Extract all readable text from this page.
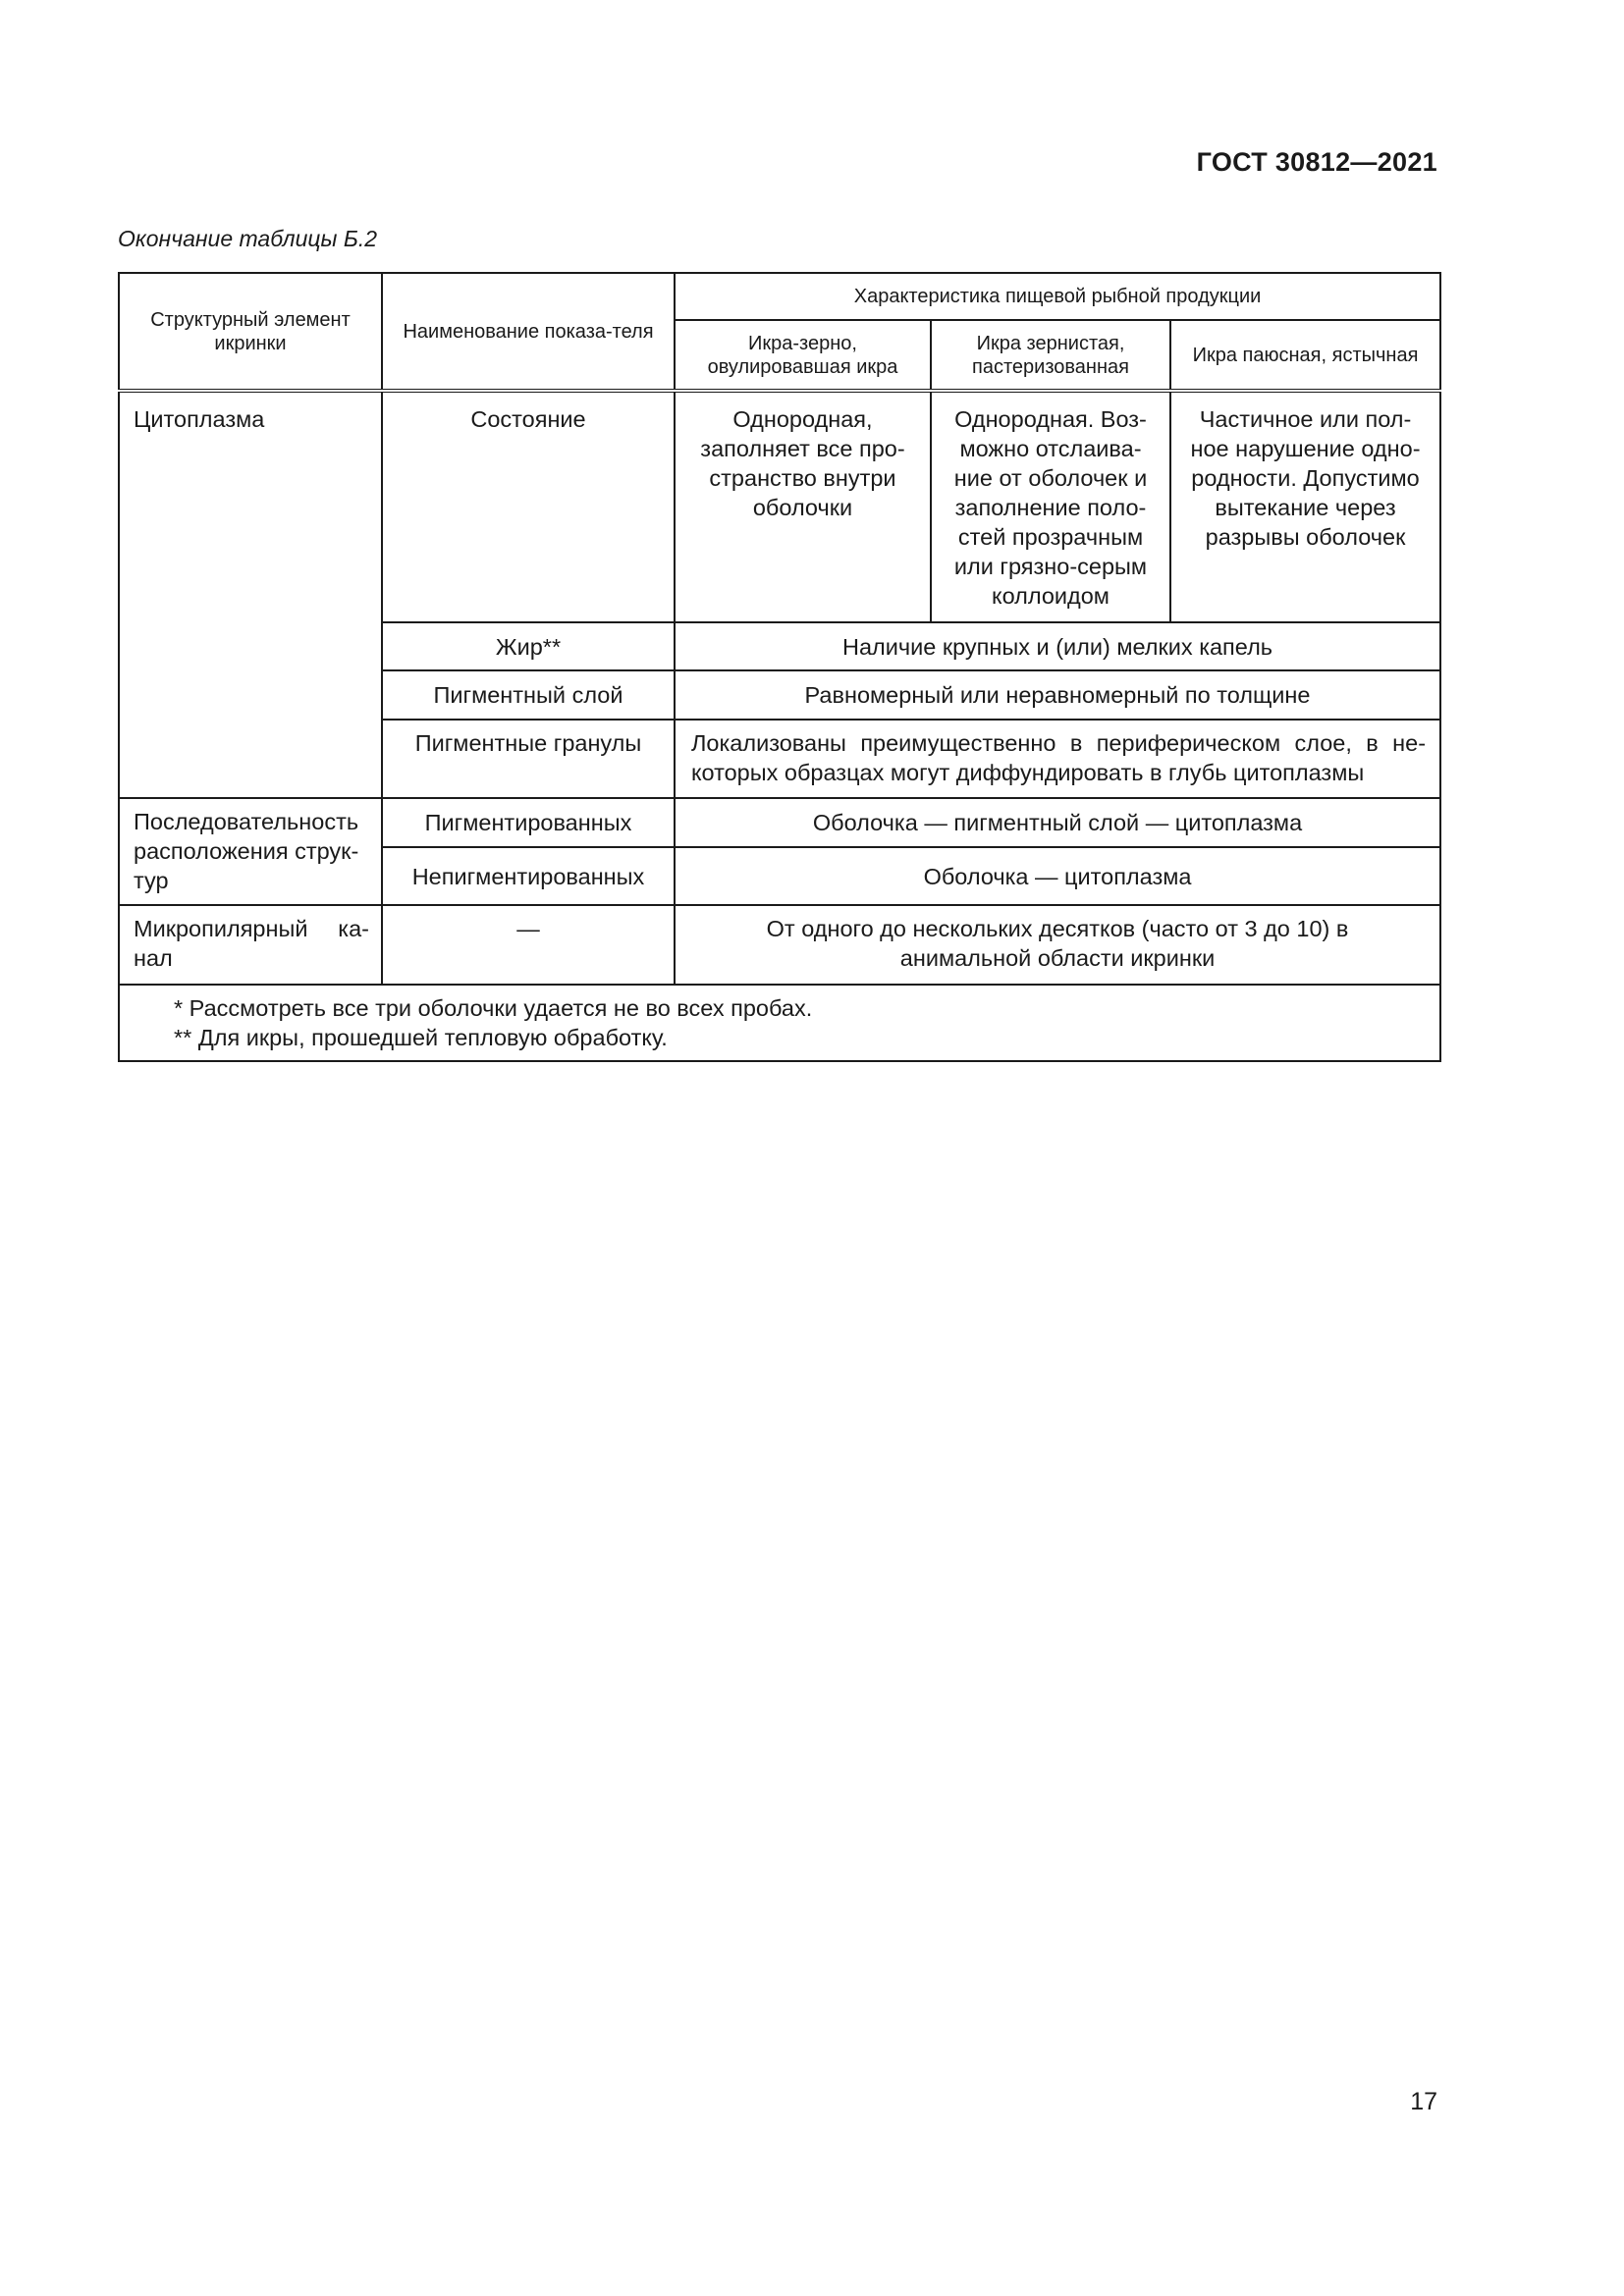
ГОСТ 30812—2021
Окончание таблицы Б.2
Структурный элемент икринки	Наименование показа-теля	Характеристика пищевой рыбной продукции		

		Икра-зерно, овулировавшая икра	Икра зернистая, пастеризованная	Икра паюсная, ястычная

Цитоплазма	Состояние	Однородная, заполняет все про-странство внутри оболочки	Однородная. Воз-можно отслаива-ние от оболочек и заполнение поло-стей прозрачным или грязно-серым коллоидом	Частичное или пол-ное нарушение одно-родности. Допустимо вытекание через разрывы оболочек
	Жир**	Наличие крупных и (или) мелких капель		
	Пигментный слой	Равномерный или неравномерный по толщине		
	Пигментные гранулы	Локализованы преимущественно в периферическом слое, в не-которых образцах могут диффундировать в глубь цитоплазмы		
Последовательность расположения струк-тур	Пигментированных	Оболочка — пигментный слой — цитоплазма		
	Непигментированных	Оболочка — цитоплазма		
Микропилярный ка-нал	—	От одного до нескольких десятков (часто от 3 до 10) в анимальной области икринки		

* Рассмотреть все три оболочки удается не во всех пробах.
** Для икры, прошедшей тепловую обработку.				
17
